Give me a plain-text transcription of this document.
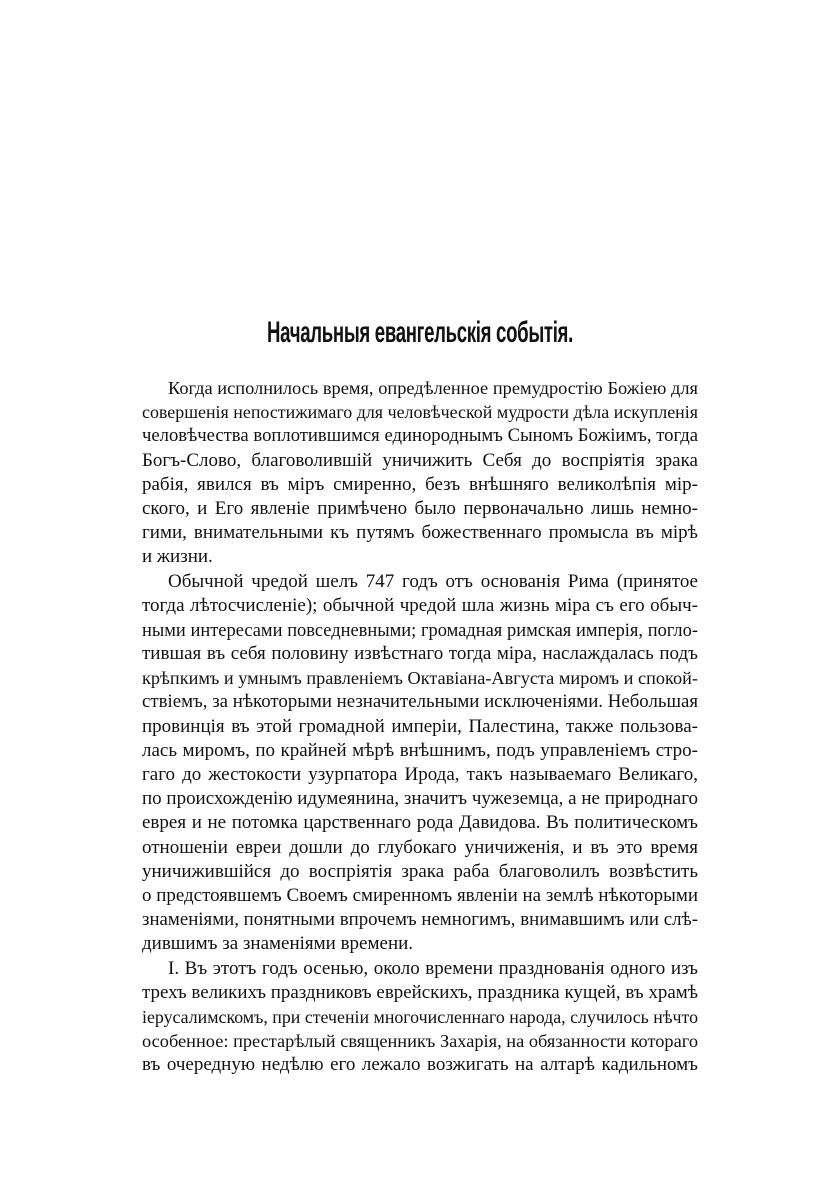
Начальныя евангельскія событія.
Когда исполнилось время, опредѣленное премудростію Божіею для
совершенія непостижимаго для человѣческой мудрости дѣла искупленія
человѣчества воплотившимся единороднымъ Сыномъ Божіимъ, тогда
Богъ-Слово, благоволившій уничижить Себя до воспріятія зрака
рабія, явился въ міръ смиренно, безъ внѣшняго великолѣпія мір-
ского, и Его явленіе примѣчено было первоначально лишь немно-
гими, внимательными къ путямъ божественнаго промысла въ мірѣ
и жизни.
Обычной чредой шелъ 747 годъ отъ основанія Рима (принятое
тогда лѣтосчисленіе); обычной чредой шла жизнь міра съ его обыч-
ными интересами повседневными; громадная римская имперія, погло-
тившая въ себя половину извѣстнаго тогда міра, наслаждалась подъ
крѣпкимъ и умнымъ правленіемъ Октавіана-Августа миромъ и спокой-
ствіемъ, за нѣкоторыми незначительными исключеніями. Небольшая
провинція въ этой громадной имперіи, Палестина, также пользова-
лась миромъ, по крайней мѣрѣ внѣшнимъ, подъ управленіемъ стро-
гаго до жестокости узурпатора Ирода, такъ называемаго Великаго,
по происхожденію идумеянина, значитъ чужеземца, а не природнаго
еврея и не потомка царственнаго рода Давидова. Въ политическомъ
отношеніи евреи дошли до глубокаго уничиженія, и въ это время
уничижившійся до воспріятія зрака раба благоволилъ возвѣстить
о предстоявшемъ Своемъ смиренномъ явленіи на землѣ нѣкоторыми
знаменіями, понятными впрочемъ немногимъ, внимавшимъ или слѣ-
дившимъ за знаменіями времени.
I. Въ этотъ годъ осенью, около времени празднованія одного изъ
трехъ великихъ праздниковъ еврейскихъ, праздника кущей, въ храмѣ
іерусалимскомъ, при стеченіи многочисленнаго народа, случилось нѣчто
особенное: престарѣлый священникъ Захарія, на обязанности котораго
въ очередную недѣлю его лежало возжигать на алтарѣ кадильномъ
